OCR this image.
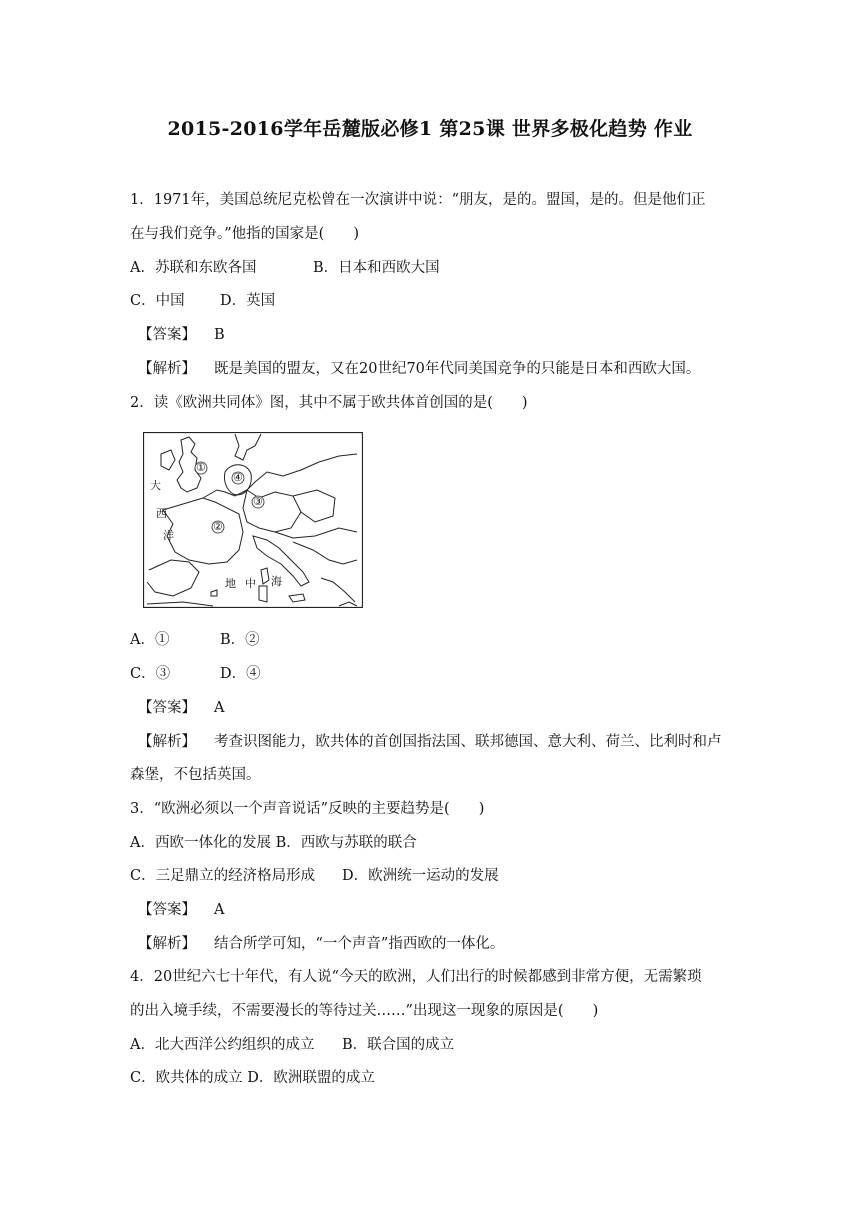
2015-2016学年岳麓版必修1 第25课 世界多极化趋势 作业
1．1971年，美国总统尼克松曾在一次演讲中说：“朋友，是的。盟国，是的。但是他们正
在与我们竞争。”他指的国家是(　　)
A．苏联和东欧各国	B．日本和西欧大国
C．中国 D．英国
【答案】 B
【解析】 既是美国的盟友，又在20世纪70年代同美国竞争的只能是日本和西欧大国。
2．读《欧洲共同体》图，其中不属于欧共体首创国的是(　　)
大
西
洋
①
④
③
②
地 中 海
A．①	B．②
C．③	D．④
【答案】 A
【解析】 考查识图能力，欧共体的首创国指法国、联邦德国、意大利、荷兰、比利时和卢
森堡，不包括英国。
3．“欧洲必须以一个声音说话”反映的主要趋势是(　　)
A．西欧一体化的发展 B．西欧与苏联的联合
C．三足鼎立的经济格局形成 D．欧洲统一运动的发展
【答案】 A
【解析】 结合所学可知，“一个声音”指西欧的一体化。
4．20世纪六七十年代，有人说“今天的欧洲，人们出行的时候都感到非常方便，无需繁琐
的出入境手续，不需要漫长的等待过关……”出现这一现象的原因是(　　)
A．北大西洋公约组织的成立 B．联合国的成立
C．欧共体的成立 D．欧洲联盟的成立
